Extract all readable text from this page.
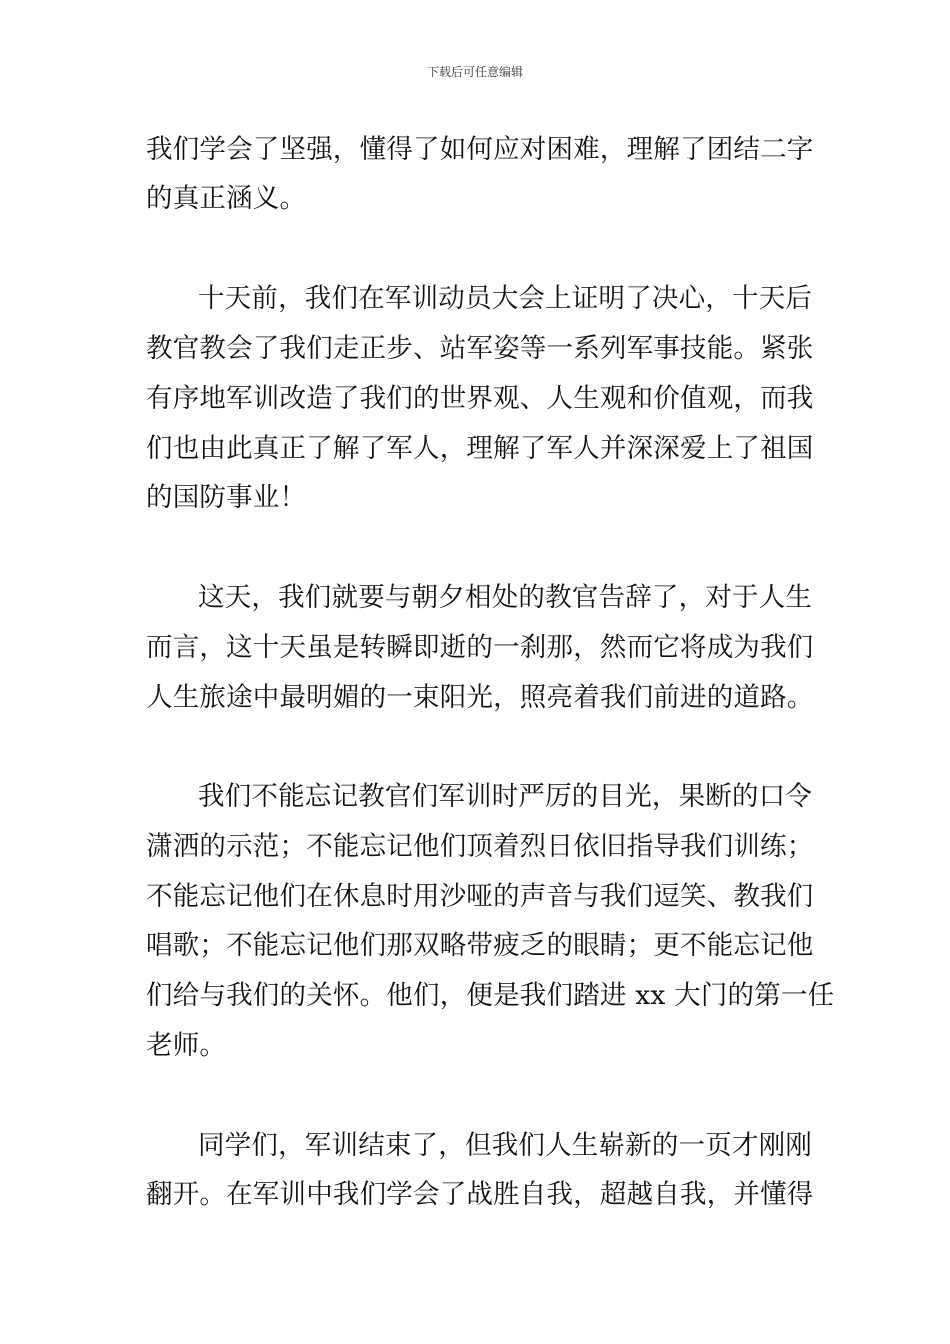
下载后可任意编辑
我们学会了坚强，懂得了如何应对困难，理解了团结二字
的真正涵义。
十天前，我们在军训动员大会上证明了决心，十天后
教官教会了我们走正步、站军姿等一系列军事技能。紧张
有序地军训改造了我们的世界观、人生观和价值观，而我
们也由此真正了解了军人，理解了军人并深深爱上了祖国
的国防事业！
这天，我们就要与朝夕相处的教官告辞了，对于人生
而言，这十天虽是转瞬即逝的一刹那，然而它将成为我们
人生旅途中最明媚的一束阳光，照亮着我们前进的道路。
我们不能忘记教官们军训时严厉的目光，果断的口令
潇洒的示范；不能忘记他们顶着烈日依旧指导我们训练；
不能忘记他们在休息时用沙哑的声音与我们逗笑、教我们
唱歌；不能忘记他们那双略带疲乏的眼睛；更不能忘记他
们给与我们的关怀。他们，便是我们踏进 xx 大门的第一任
老师。
同学们，军训结束了，但我们人生崭新的一页才刚刚
翻开。在军训中我们学会了战胜自我，超越自我，并懂得
